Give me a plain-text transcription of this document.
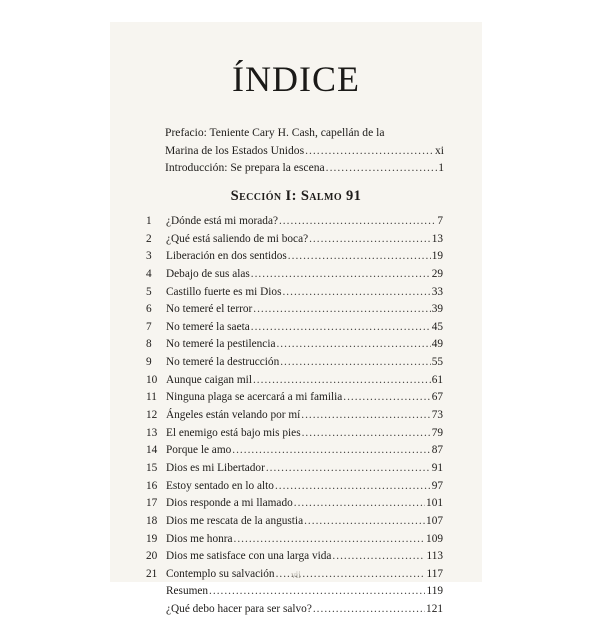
ÍNDICE
Prefacio: Teniente Cary H. Cash, capellán de la
Marina de los Estados Unidos .....	xi
Introducción: Se prepara la escena .....	1
Sección I: Salmo 91
1	¿Dónde está mi morada? .....	7
2	¿Qué está saliendo de mi boca? .....	13
3	Liberación en dos sentidos .....	19
4	Debajo de sus alas .....	29
5	Castillo fuerte es mi Dios .....	33
6	No temeré el terror .....	39
7	No temeré la saeta .....	45
8	No temeré la pestilencia .....	49
9	No temeré la destrucción .....	55
10 Aunque caigan mil .....	61
11 Ninguna plaga se acercará a mi familia .....	67
12 Ángeles están velando por mí .....	73
13 El enemigo está bajo mis pies .....	79
14 Porque le amo .....	87
15 Dios es mi Libertador .....	91
16 Estoy sentado en lo alto .....	97
17 Dios responde a mi llamado .....	101
18 Dios me rescata de la angustia .....	107
19 Dios me honra .....	109
20 Dios me satisface con una larga vida .....	113
21 Contemplo su salvación .....	117
Resumen .....	119
¿Qué debo hacer para ser salvo? .....	121
vii
